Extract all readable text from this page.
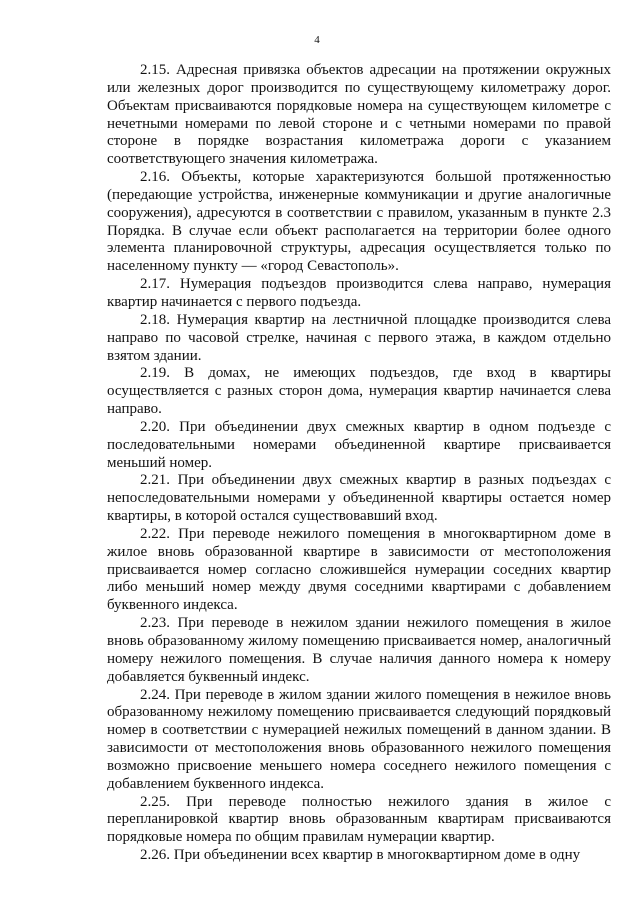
4

2.15. Адресная привязка объектов адресации на протяжении окружных или железных дорог производится по существующему километражу дорог. Объектам присваиваются порядковые номера на существующем километре с нечетными номерами по левой стороне и с четными номерами по правой стороне в порядке возрастания километража дороги с указанием соответствующего значения километража.

2.16. Объекты, которые характеризуются большой протяженностью (передающие устройства, инженерные коммуникации и другие аналогичные сооружения), адресуются в соответствии с правилом, указанным в пункте 2.3 Порядка. В случае если объект располагается на территории более одного элемента планировочной структуры, адресация осуществляется только по населенному пункту — «город Севастополь».

2.17. Нумерация подъездов производится слева направо, нумерация квартир начинается с первого подъезда.

2.18. Нумерация квартир на лестничной площадке производится слева направо по часовой стрелке, начиная с первого этажа, в каждом отдельно взятом здании.

2.19. В домах, не имеющих подъездов, где вход в квартиры осуществляется с разных сторон дома, нумерация квартир начинается слева направо.

2.20. При объединении двух смежных квартир в одном подъезде с последовательными номерами объединенной квартире присваивается меньший номер.

2.21. При объединении двух смежных квартир в разных подъездах с непоследовательными номерами у объединенной квартиры остается номер квартиры, в которой остался существовавший вход.

2.22. При переводе нежилого помещения в многоквартирном доме в жилое вновь образованной квартире в зависимости от местоположения присваивается номер согласно сложившейся нумерации соседних квартир либо меньший номер между двумя соседними квартирами с добавлением буквенного индекса.

2.23. При переводе в нежилом здании нежилого помещения в жилое вновь образованному жилому помещению присваивается номер, аналогичный номеру нежилого помещения. В случае наличия данного номера к номеру добавляется буквенный индекс.

2.24. При переводе в жилом здании жилого помещения в нежилое вновь образованному нежилому помещению присваивается следующий порядковый номер в соответствии с нумерацией нежилых помещений в данном здании. В зависимости от местоположения вновь образованного нежилого помещения возможно присвоение меньшего номера соседнего нежилого помещения с добавлением буквенного индекса.

2.25. При переводе полностью нежилого здания в жилое с перепланировкой квартир вновь образованным квартирам присваиваются порядковые номера по общим правилам нумерации квартир.

2.26. При объединении всех квартир в многоквартирном доме в одну
